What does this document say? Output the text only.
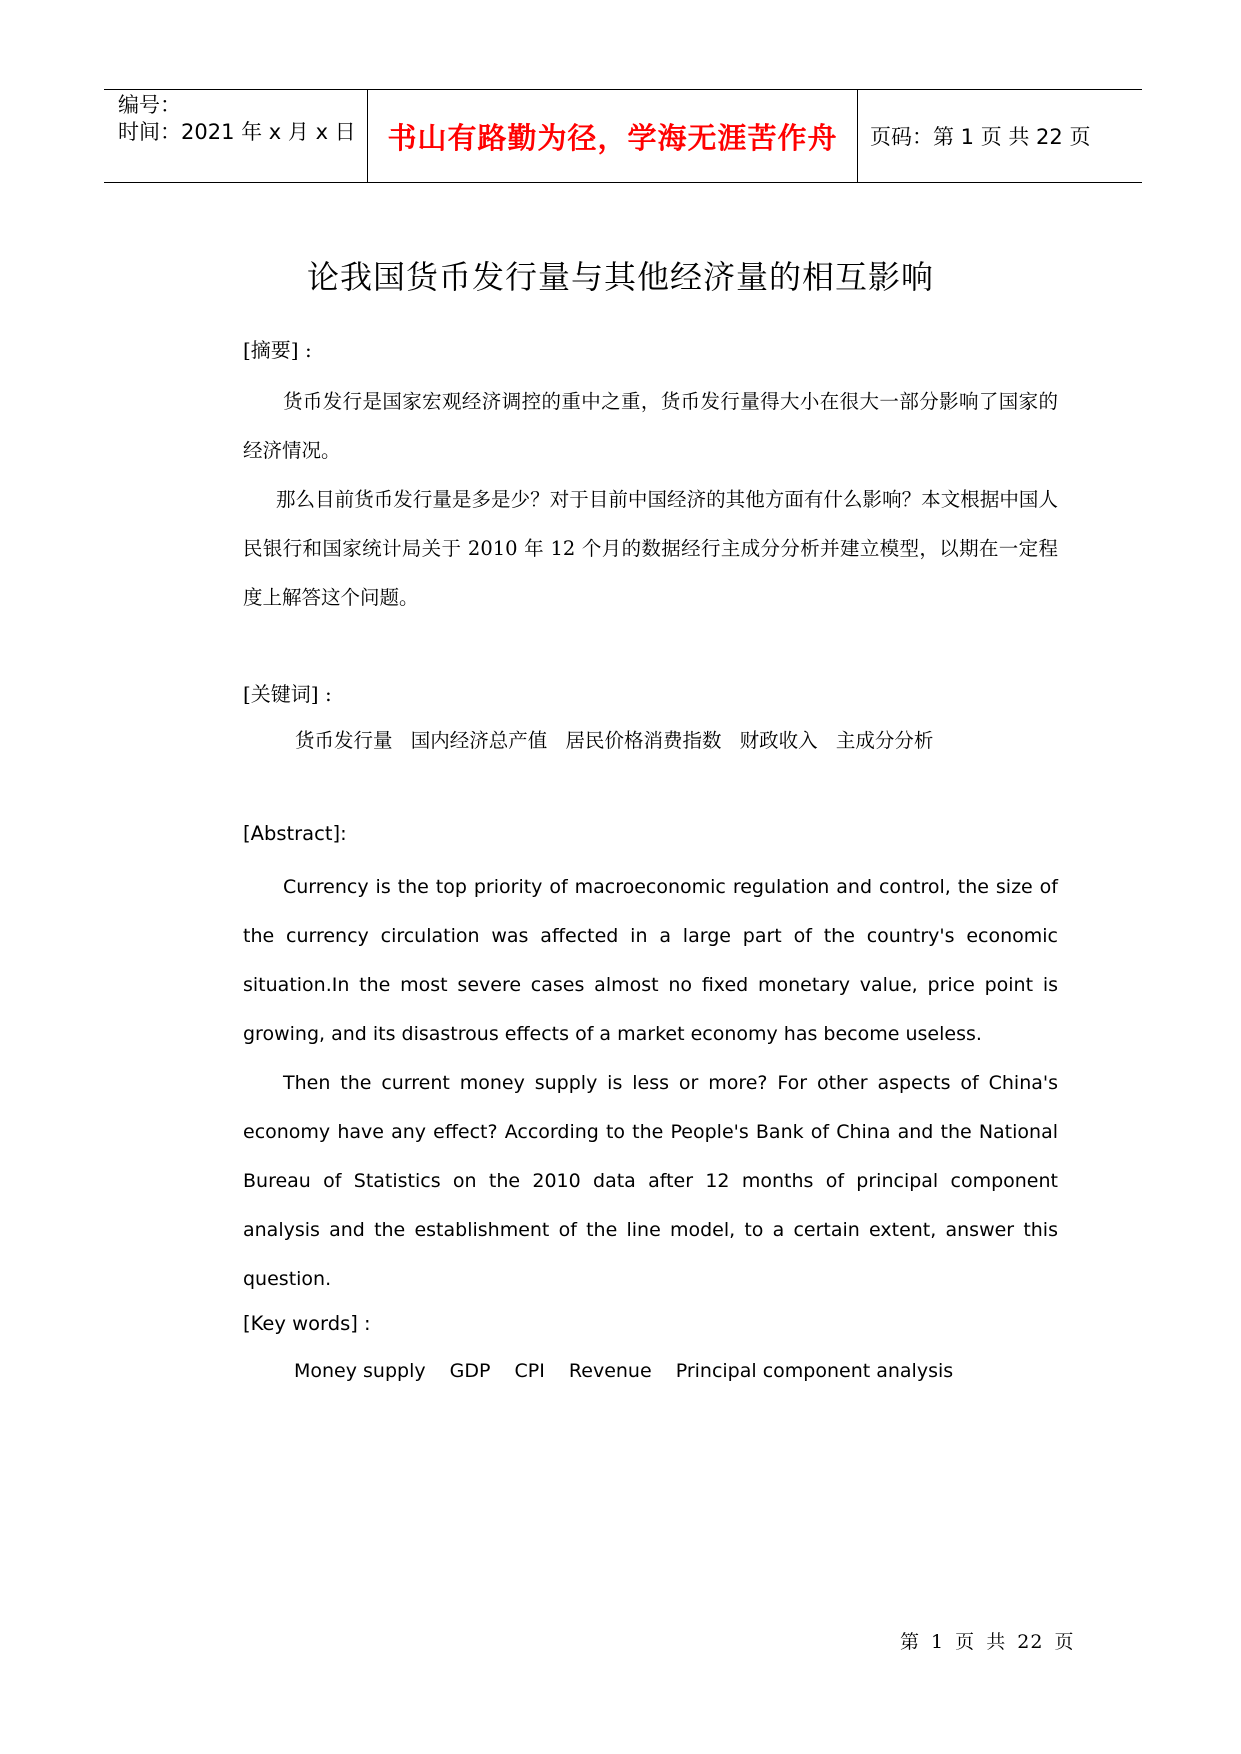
编号：
时间：2021 年 x 月 x 日	书山有路勤为径，学海无涯苦作舟 页码：第 1 页 共 22 页
论我国货币发行量与其他经济量的相互影响
[摘要] :

货币发行是国家宏观经济调控的重中之重，货币发行量得大小在很大一部分影响了国家的经济情况。

那么目前货币发行量是多是少？对于目前中国经济的其他方面有什么影响？本文根据中国人民银行和国家统计局关于 2010 年 12 个月的数据经行主成分分析并建立模型，以期在一定程度上解答这个问题。

[关键词] :
货币发行量 国内经济总产值 居民价格消费指数 财政收入 主成分分析
[Abstract]:

Currency is the top priority of macroeconomic regulation and control, the size of the currency circulation was affected in a large part of the country's economic situation.In the most severe cases almost no fixed monetary value, price point is growing, and its disastrous effects of a market economy has become useless.

Then the current money supply is less or more? For other aspects of China's economy have any effect? According to the People's Bank of China and the National Bureau of Statistics on the 2010 data after 12 months of principal component analysis and the establishment of the line model, to a certain extent, answer this question.

[Key words] :
Money supply GDP CPI Revenue Principal component analysis
第 1 页 共 22 页
